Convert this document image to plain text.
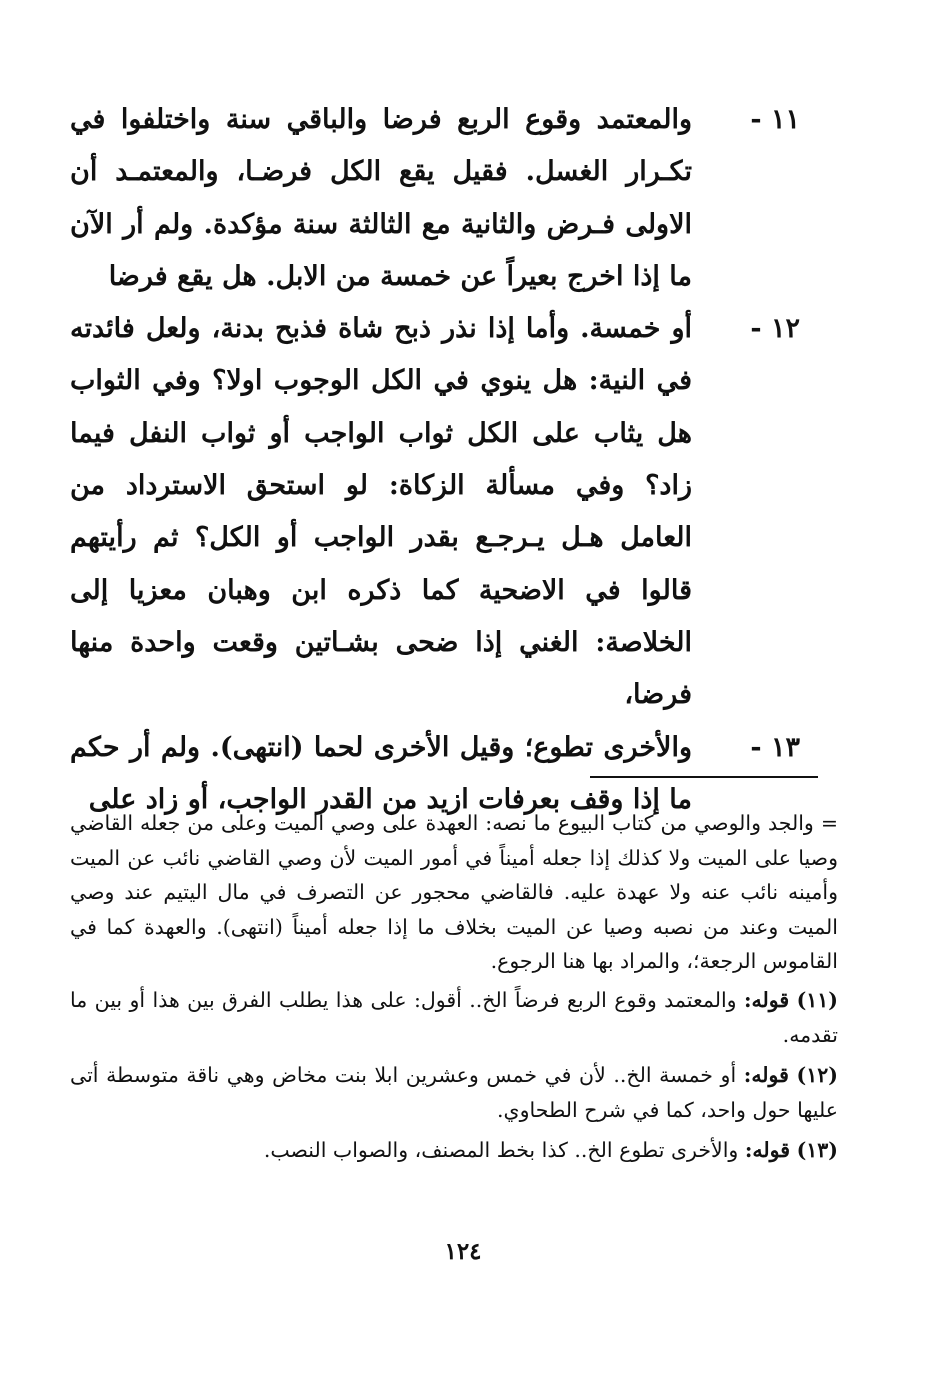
١١ -
والمعتمد وقوع الربع فرضا والباقي سنة واختلفوا في تكـرار الغسل. فقيل يقع الكل فرضـا، والمعتمـد أن الاولى فـرض والثانية مع الثالثة سنة مؤكدة. ولم أر الآن ما إذا اخرج بعيراً عن خمسة من الابل. هل يقع فرضا
١٢ -
أو خمسة. وأما إذا نذر ذبح شاة فذبح بدنة، ولعل فائدته في النية: هل ينوي في الكل الوجوب اولا؟ وفي الثواب هل يثاب على الكل ثواب الواجب أو ثواب النفل فيما زاد؟ وفي مسألة الزكاة: لو استحق الاسترداد من العامل هـل يـرجـع بقدر الواجب أو الكل؟ ثم رأيتهم قالوا في الاضحية كما ذكره ابن وهبان معزيا إلى الخلاصة: الغني إذا ضحى بشـاتين وقعت واحدة منها فرضا،
١٣ -
والأخرى تطوع؛ وقيل الأخرى لحما (انتهى). ولم أر حكم ما إذا وقف بعرفات ازيد من القدر الواجب، أو زاد على

= والجد والوصي من كتاب البيوع ما نصه: العهدة على وصي الميت وعلى من جعله القاضي وصيا على الميت ولا كذلك إذا جعله أميناً في أمور الميت لأن وصي القاضي نائب عن الميت وأمينه نائب عنه ولا عهدة عليه. فالقاضي محجور عن التصرف في مال اليتيم عند وصي الميت وعند من نصبه وصيا عن الميت بخلاف ما إذا جعله أميناً (انتهى). والعهدة كما في القاموس الرجعة؛، والمراد بها هنا الرجوع.

(١١) قوله: والمعتمد وقوع الربع فرضاً الخ.. أقول: على هذا يطلب الفرق بين هذا أو بين ما تقدمه.

(١٢) قوله: أو خمسة الخ.. لأن في خمس وعشرين ابلا بنت مخاض وهي ناقة متوسطة أتى عليها حول واحد، كما في شرح الطحاوي.

(١٣) قوله: والأخرى تطوع الخ.. كذا بخط المصنف، والصواب النصب.

١٢٤
